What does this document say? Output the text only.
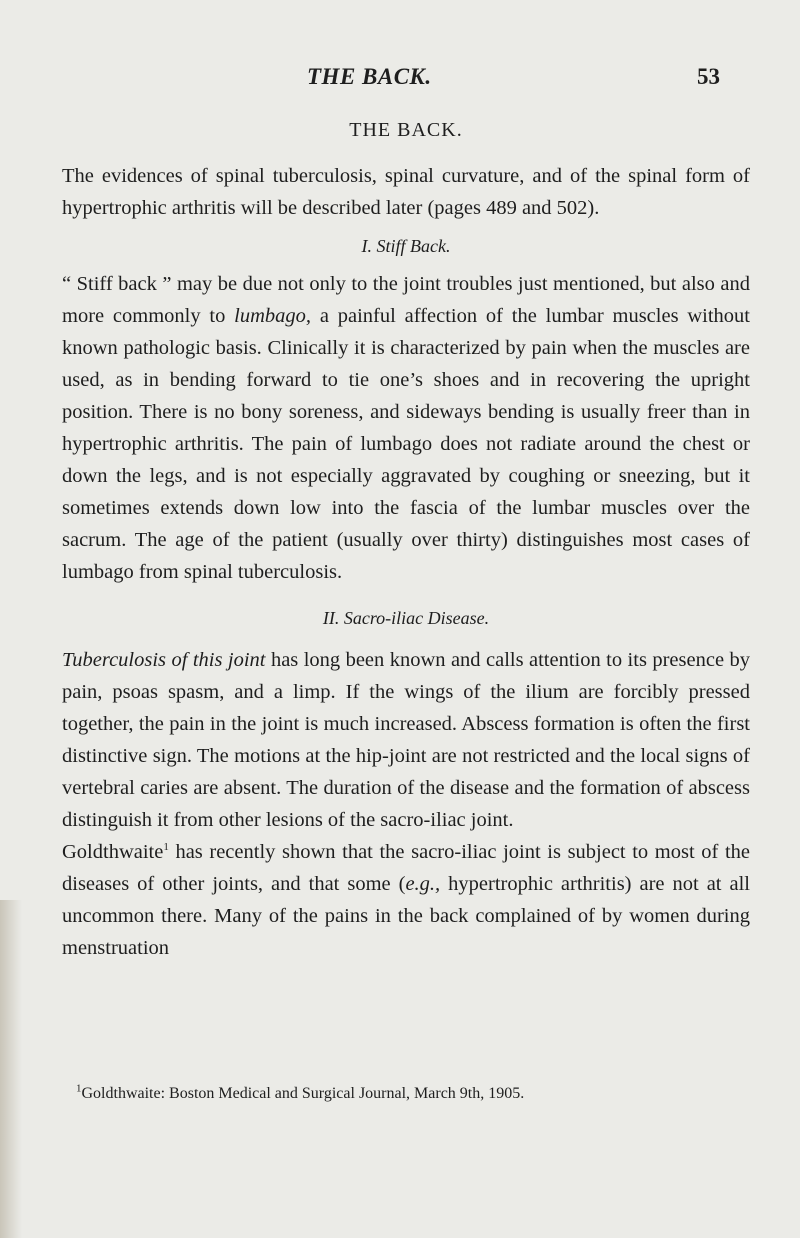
THE BACK.	53
THE BACK.

The evidences of spinal tuberculosis, spinal curvature, and of the spinal form of hypertrophic arthritis will be described later (pages 489 and 502).

I. Stiff Back.

“ Stiff back ” may be due not only to the joint troubles just mentioned, but also and more commonly to lumbago, a painful affection of the lumbar muscles without known pathologic basis. Clinically it is characterized by pain when the muscles are used, as in bending forward to tie one’s shoes and in recovering the upright position. There is no bony soreness, and sideways bending is usually freer than in hypertrophic arthritis. The pain of lumbago does not radiate around the chest or down the legs, and is not especially aggravated by coughing or sneezing, but it sometimes extends down low into the fascia of the lumbar muscles over the sacrum. The age of the patient (usually over thirty) distinguishes most cases of lumbago from spinal tuberculosis.

II. Sacro-iliac Disease.

Tuberculosis of this joint has long been known and calls attention to its presence by pain, psoas spasm, and a limp. If the wings of the ilium are forcibly pressed together, the pain in the joint is much increased. Abscess formation is often the first distinctive sign. The motions at the hip-joint are not restricted and the local signs of vertebral caries are absent. The duration of the disease and the formation of abscess distinguish it from other lesions of the sacro-iliac joint.

Goldthwaite$^1$ has recently shown that the sacro-iliac joint is subject to most of the diseases of other joints, and that some (e.g., hypertrophic arthritis) are not at all uncommon there. Many of the pains in the back complained of by women during menstruation

$^1$Goldthwaite: Boston Medical and Surgical Journal, March 9th, 1905.
